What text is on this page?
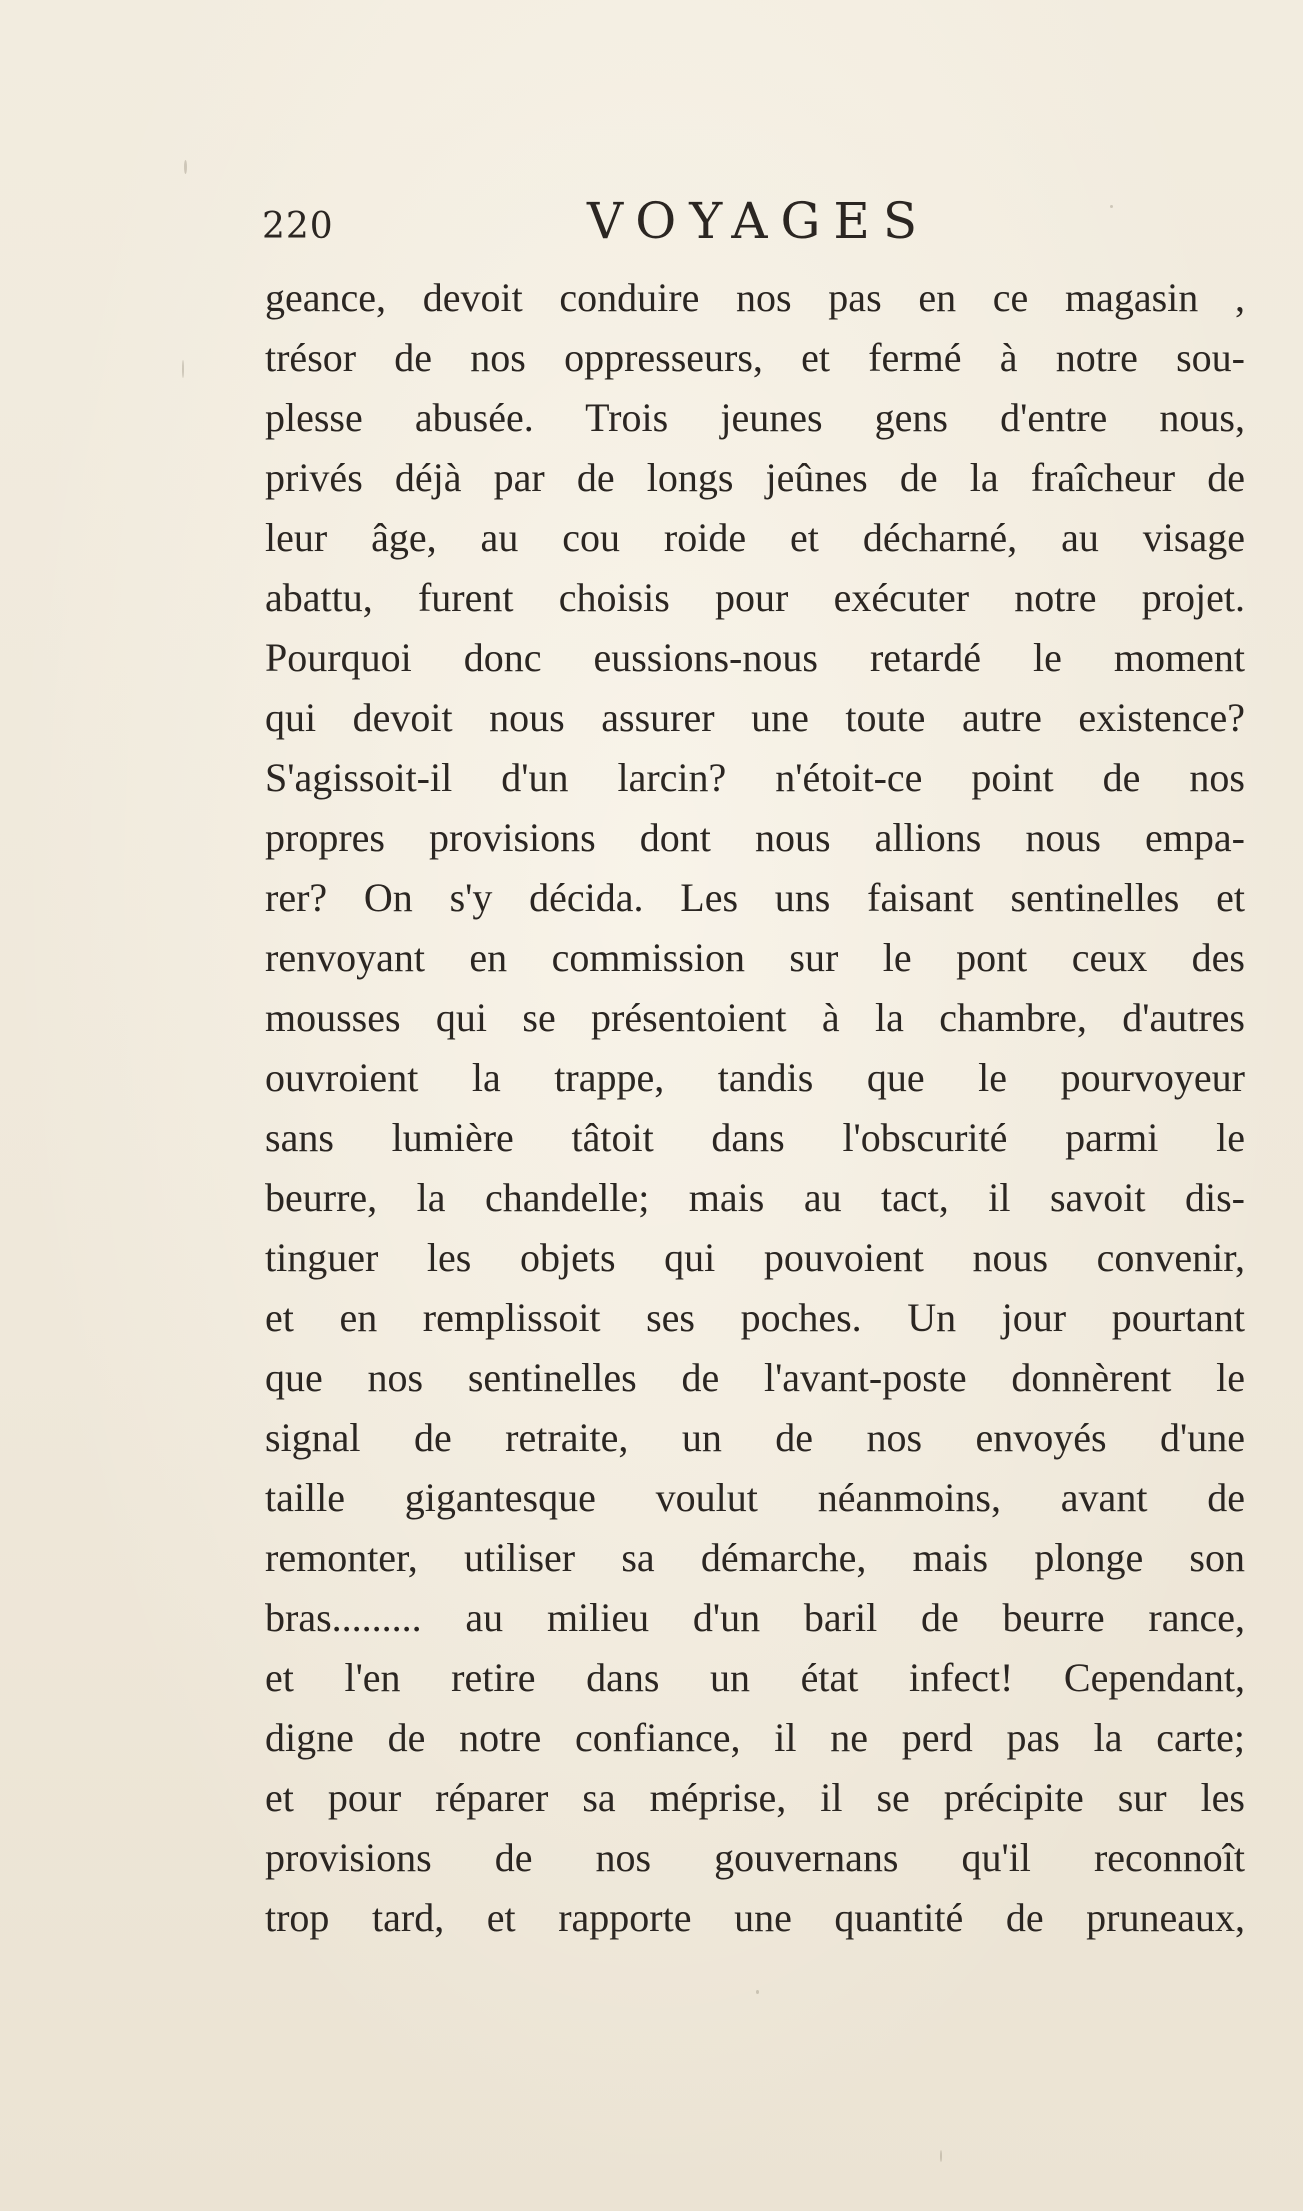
220	VOYAGES
geance, devoit conduire nos pas en ce magasin ,
trésor de nos oppresseurs, et fermé à notre sou-
plesse abusée. Trois jeunes gens d'entre nous,
privés déjà par de longs jeûnes de la fraîcheur de
leur âge, au cou roide et décharné, au visage
abattu, furent choisis pour exécuter notre projet.
Pourquoi donc eussions-nous retardé le moment
qui devoit nous assurer une toute autre existence?
S'agissoit-il d'un larcin? n'étoit-ce point de nos
propres provisions dont nous allions nous empa-
rer? On s'y décida. Les uns faisant sentinelles et
renvoyant en commission sur le pont ceux des
mousses qui se présentoient à la chambre, d'autres
ouvroient la trappe, tandis que le pourvoyeur
sans lumière tâtoit dans l'obscurité parmi le
beurre, la chandelle; mais au tact, il savoit dis-
tinguer les objets qui pouvoient nous convenir,
et en remplissoit ses poches. Un jour pourtant
que nos sentinelles de l'avant-poste donnèrent le
signal de retraite, un de nos envoyés d'une
taille gigantesque voulut néanmoins, avant de
remonter, utiliser sa démarche, mais plonge son
bras......... au milieu d'un baril de beurre rance,
et l'en retire dans un état infect! Cependant,
digne de notre confiance, il ne perd pas la carte;
et pour réparer sa méprise, il se précipite sur les
provisions de nos gouvernans qu'il reconnoît
trop tard, et rapporte une quantité de pruneaux,
